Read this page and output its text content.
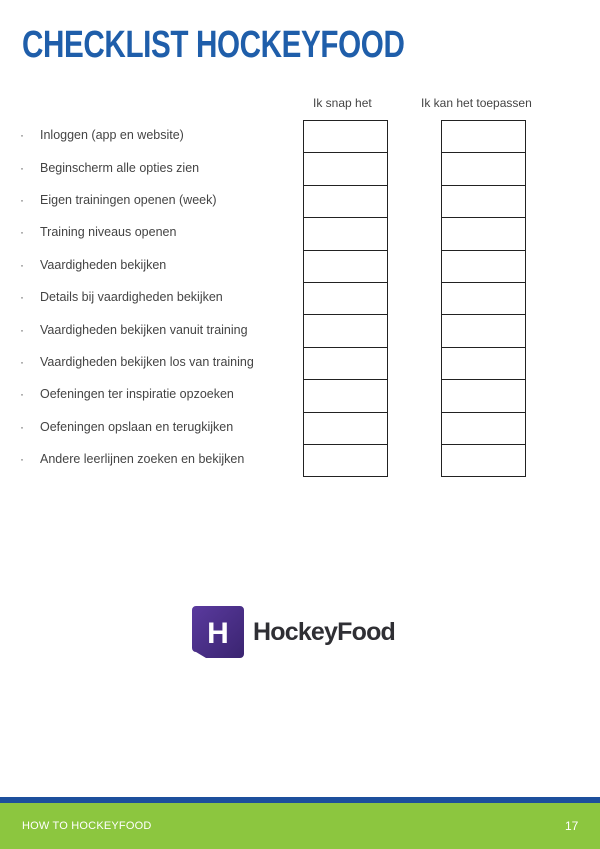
CHECKLIST HOCKEYFOOD
Ik snap het	Ik kan het toepassen
·	Inloggen (app en website)
·	Beginscherm alle opties zien
·	Eigen trainingen openen (week)
·	Training niveaus openen
·	Vaardigheden bekijken
·	Details bij vaardigheden bekijken
·	Vaardigheden bekijken vanuit training
·	Vaardigheden bekijken los van training
·	Oefeningen ter inspiratie opzoeken
·	Oefeningen opslaan en terugkijken
·	Andere leerlijnen zoeken en bekijken
H HockeyFood
HOW TO HOCKEYFOOD	17
